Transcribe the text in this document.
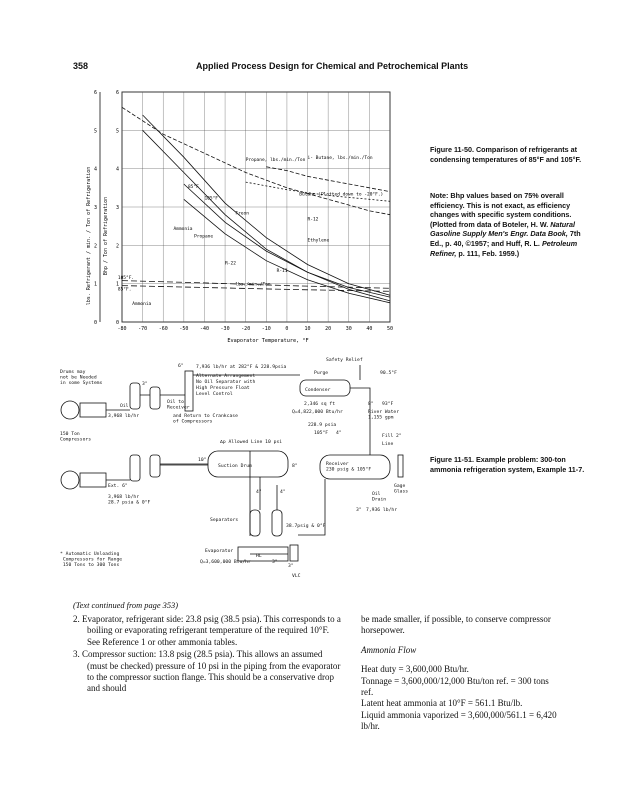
358	Applied Process Design for Chemical and Petrochemical Plants
-80 -70 -60 -50 -40 -30 -20 -10	0	10	20	30	40	50
0
1
2
3
4
5
6
0
1
2
3
4
5
6
Evaporator Temperature, °F
lbs. Refrigerant / min. / Ton of Refrigeration Bhp / Ton of Refrigeration
Propane, lbs./min./Ton i- Butane, lbs./min./Ton
Butane (Plotted down to -20°F.)
Ammonia
Propane
R-12
R-22
R-11
Freon
Ethylene
lbs./min./Ton
105°F.
85°F.
Ammonia
85°F
105°F
Figure 11-50. Comparison of refrigerants at condensing temperatures of 85°F and 105°F.
Note: Bhp values based on 75% overall efficiency. This is not exact, as efficiency changes with specific system conditions. (Plotted from data of Boteler, H. W. Natural Gasoline Supply Men's Engr. Data Book, 7th Ed., p. 40, ©1957; and Huff, R. L. Petroleum Refiner, p. 111, Feb. 1959.)
Drums may not be Needed in some Systems
7,936 lb/hr at 282°F & 228.9psia
Alternate Arrangement
No Oil Separator with
High Pressure Float
Level Control
6"
3"
Oil to Receiver
and Return to Crankcase of Compressors
3,968 lb/hr
Oil
150 Ton Compressors	Δp Allowed Line 10 psi
Suction Drum	8"
10"
Ext. 6"
3,968 lb/hr 28.7 psia & 0°F
Separators
4"	4"
38.7psig & 0°F
Evaporator
HL
Q=3,600,000 Btu/hr	3"
3"
VLC
Safety Relief
Purge	90.5°F
Condenser
2,346 sq ft	8" 93°F
Q=4,822,000 Btu/hr	River Water 1,155 gpm
228.9 psia
105°F 4"
Fill 2"
Line
Receiver 230 psig & 105°F
Gage Glass
Oil Drain
3" 7,936 lb/hr
* Automatic Unloading Compressors for Range 150 Tons to 300 Tons
Figure 11-51. Example problem: 300-ton ammonia refrigeration system, Example 11-7.
(Text continued from page 353)

2. Evaporator, refrigerant side: 23.8 psig (38.5 psia). This corresponds to a boiling or evaporating refrigerant temperature of the required 10°F. See Reference 1 or other ammonia tables.

3. Compressor suction: 13.8 psig (28.5 psia). This allows an assumed (must be checked) pressure of 10 psi in the piping from the evaporator to the compressor suction flange. This should be a conservative drop and should

be made smaller, if possible, to conserve compressor horsepower.

Ammonia Flow

Heat duty = 3,600,000 Btu/hr.

Tonnage = 3,600,000/12,000 Btu/ton ref. = 300 tons ref.

Latent heat ammonia at 10°F = 561.1 Btu/lb.

Liquid ammonia vaporized = 3,600,000/561.1 = 6,420 lb/hr.
